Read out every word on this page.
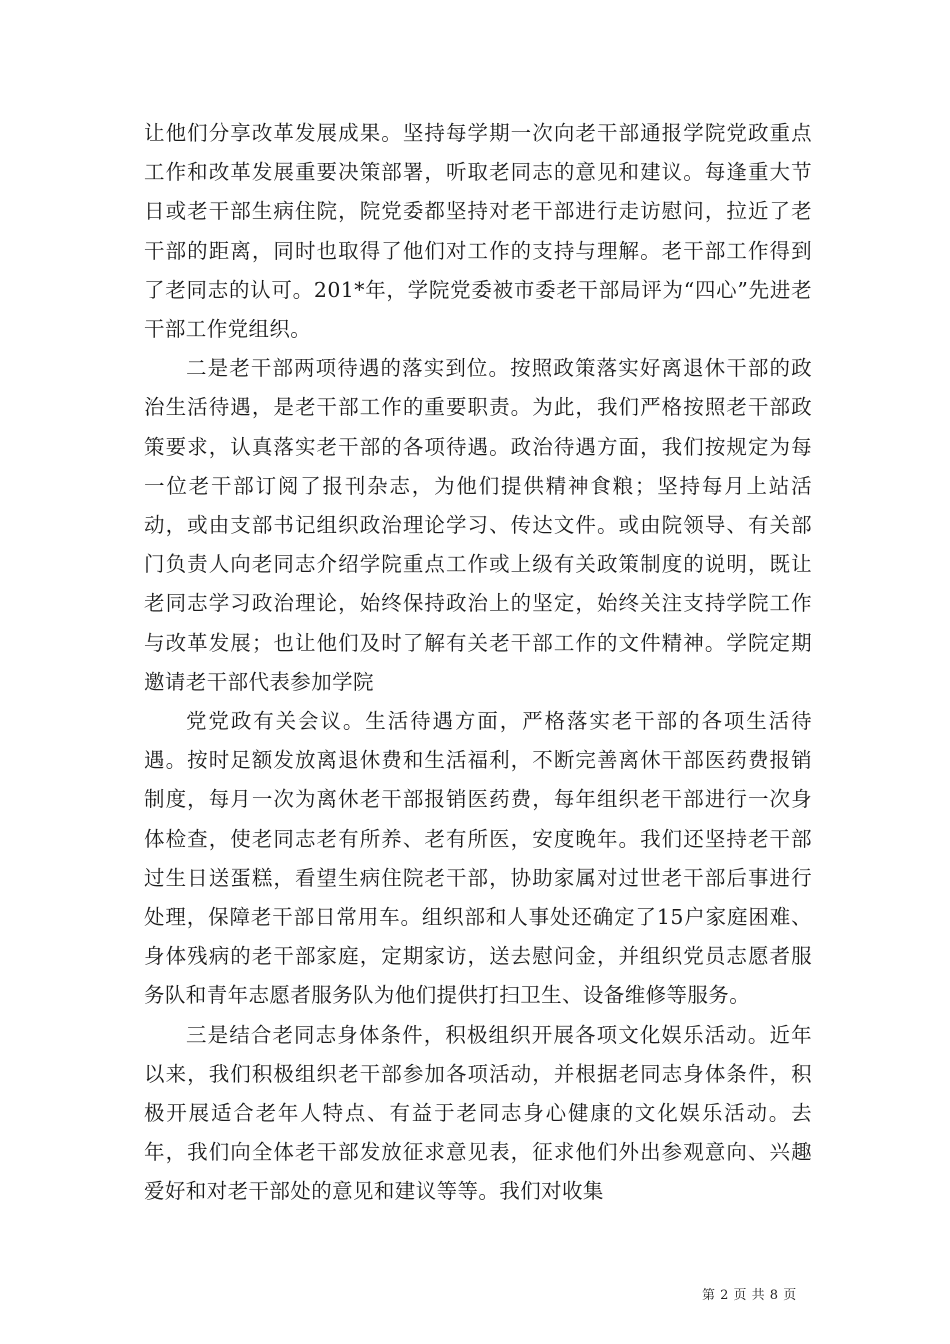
让他们分享改革发展成果。坚持每学期一次向老干部通报学院党政重点工作和改革发展重要决策部署，听取老同志的意见和建议。每逢重大节日或老干部生病住院，院党委都坚持对老干部进行走访慰问，拉近了老干部的距离，同时也取得了他们对工作的支持与理解。老干部工作得到了老同志的认可。201*年，学院党委被市委老干部局评为“四心”先进老干部工作党组织。

二是老干部两项待遇的落实到位。按照政策落实好离退休干部的政治生活待遇，是老干部工作的重要职责。为此，我们严格按照老干部政策要求，认真落实老干部的各项待遇。政治待遇方面，我们按规定为每一位老干部订阅了报刊杂志，为他们提供精神食粮；坚持每月上站活动，或由支部书记组织政治理论学习、传达文件。或由院领导、有关部门负责人向老同志介绍学院重点工作或上级有关政策制度的说明，既让老同志学习政治理论，始终保持政治上的坚定，始终关注支持学院工作与改革发展；也让他们及时了解有关老干部工作的文件精神。学院定期邀请老干部代表参加学院

党党政有关会议。生活待遇方面，严格落实老干部的各项生活待遇。按时足额发放离退休费和生活福利，不断完善离休干部医药费报销制度，每月一次为离休老干部报销医药费，每年组织老干部进行一次身体检查，使老同志老有所养、老有所医，安度晚年。我们还坚持老干部过生日送蛋糕，看望生病住院老干部，协助家属对过世老干部后事进行处理，保障老干部日常用车。组织部和人事处还确定了15户家庭困难、身体残病的老干部家庭，定期家访，送去慰问金，并组织党员志愿者服务队和青年志愿者服务队为他们提供打扫卫生、设备维修等服务。

三是结合老同志身体条件，积极组织开展各项文化娱乐活动。近年以来，我们积极组织老干部参加各项活动，并根据老同志身体条件，积极开展适合老年人特点、有益于老同志身心健康的文化娱乐活动。去年，我们向全体老干部发放征求意见表，征求他们外出参观意向、兴趣爱好和对老干部处的意见和建议等等。我们对收集

第 2 页 共 8 页
